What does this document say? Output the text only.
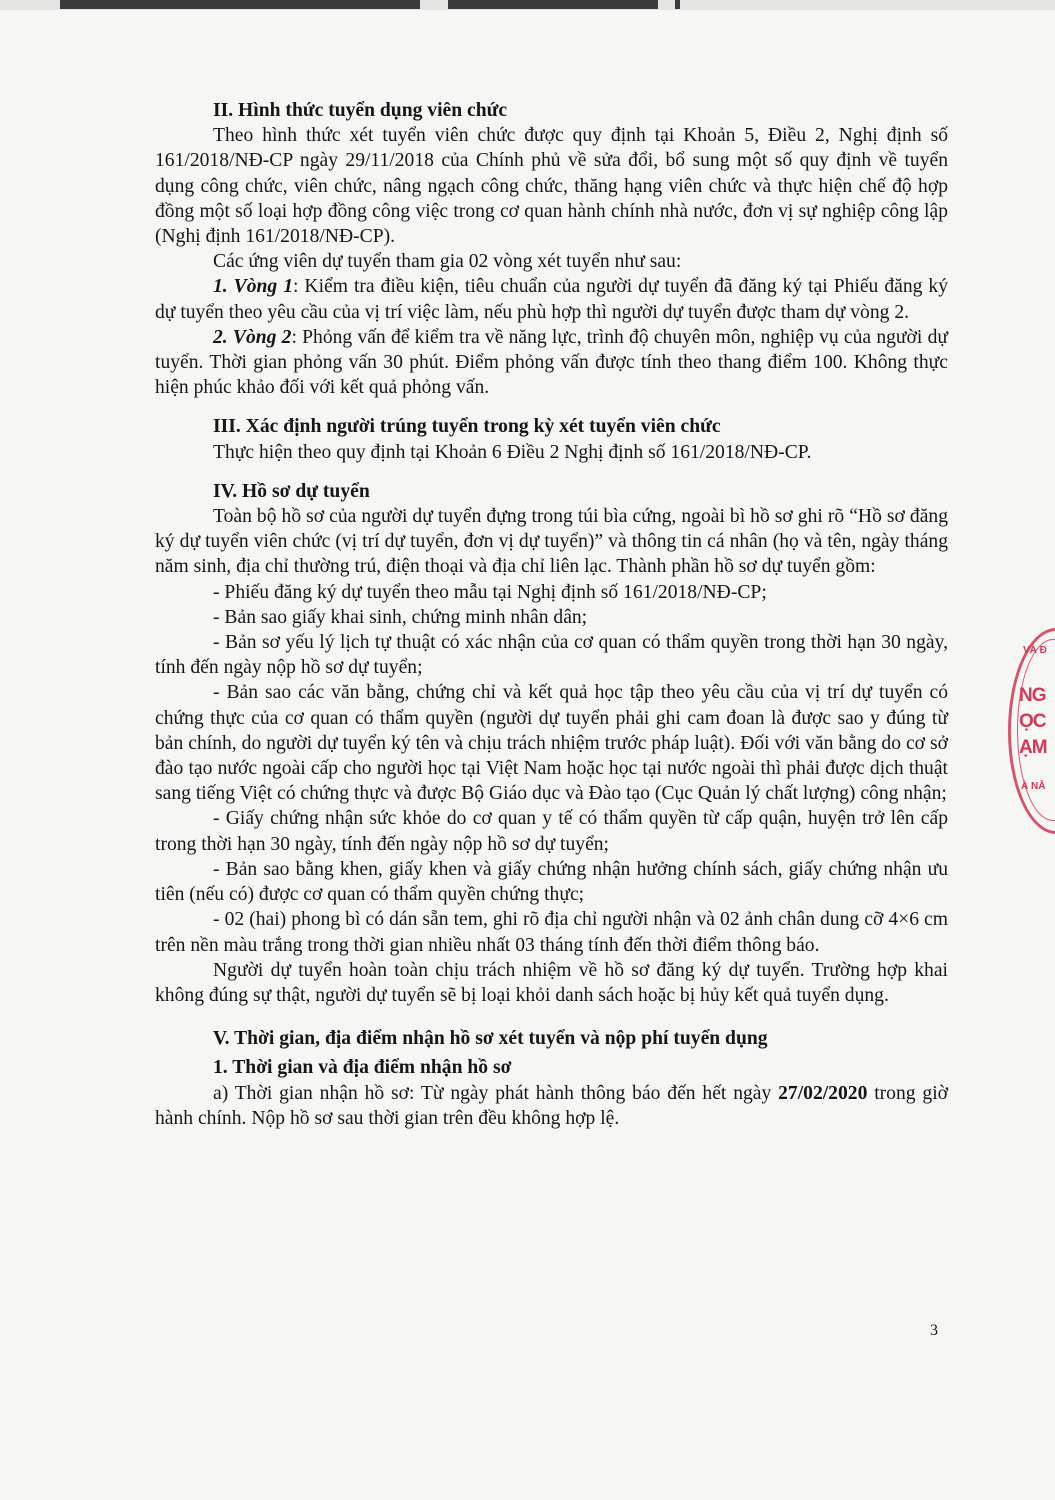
II. Hình thức tuyển dụng viên chức

Theo hình thức xét tuyển viên chức được quy định tại Khoản 5, Điều 2, Nghị định số 161/2018/NĐ-CP ngày 29/11/2018 của Chính phủ về sửa đổi, bổ sung một số quy định về tuyển dụng công chức, viên chức, nâng ngạch công chức, thăng hạng viên chức và thực hiện chế độ hợp đồng một số loại hợp đồng công việc trong cơ quan hành chính nhà nước, đơn vị sự nghiệp công lập (Nghị định 161/2018/NĐ-CP).

Các ứng viên dự tuyển tham gia 02 vòng xét tuyển như sau:

1. Vòng 1: Kiểm tra điều kiện, tiêu chuẩn của người dự tuyển đã đăng ký tại Phiếu đăng ký dự tuyển theo yêu cầu của vị trí việc làm, nếu phù hợp thì người dự tuyển được tham dự vòng 2.

2. Vòng 2: Phỏng vấn để kiểm tra về năng lực, trình độ chuyên môn, nghiệp vụ của người dự tuyển. Thời gian phỏng vấn 30 phút. Điểm phỏng vấn được tính theo thang điểm 100. Không thực hiện phúc khảo đối với kết quả phỏng vấn.

III. Xác định người trúng tuyển trong kỳ xét tuyển viên chức

Thực hiện theo quy định tại Khoản 6 Điều 2 Nghị định số 161/2018/NĐ-CP.

IV. Hồ sơ dự tuyển

Toàn bộ hồ sơ của người dự tuyển đựng trong túi bìa cứng, ngoài bì hồ sơ ghi rõ “Hồ sơ đăng ký dự tuyển viên chức (vị trí dự tuyển, đơn vị dự tuyển)” và thông tin cá nhân (họ và tên, ngày tháng năm sinh, địa chỉ thường trú, điện thoại và địa chỉ liên lạc. Thành phần hồ sơ dự tuyển gồm:

- Phiếu đăng ký dự tuyển theo mẫu tại Nghị định số 161/2018/NĐ-CP;

- Bản sao giấy khai sinh, chứng minh nhân dân;

- Bản sơ yếu lý lịch tự thuật có xác nhận của cơ quan có thẩm quyền trong thời hạn 30 ngày, tính đến ngày nộp hồ sơ dự tuyển;

- Bản sao các văn bằng, chứng chỉ và kết quả học tập theo yêu cầu của vị trí dự tuyển có chứng thực của cơ quan có thẩm quyền (người dự tuyển phải ghi cam đoan là được sao y đúng từ bản chính, do người dự tuyển ký tên và chịu trách nhiệm trước pháp luật). Đối với văn bằng do cơ sở đào tạo nước ngoài cấp cho người học tại Việt Nam hoặc học tại nước ngoài thì phải được dịch thuật sang tiếng Việt có chứng thực và được Bộ Giáo dục và Đào tạo (Cục Quản lý chất lượng) công nhận;

- Giấy chứng nhận sức khỏe do cơ quan y tế có thẩm quyền từ cấp quận, huyện trở lên cấp trong thời hạn 30 ngày, tính đến ngày nộp hồ sơ dự tuyển;

- Bản sao bằng khen, giấy khen và giấy chứng nhận hưởng chính sách, giấy chứng nhận ưu tiên (nếu có) được cơ quan có thẩm quyền chứng thực;

- 02 (hai) phong bì có dán sẵn tem, ghi rõ địa chỉ người nhận và 02 ảnh chân dung cỡ 4×6 cm trên nền màu trắng trong thời gian nhiều nhất 03 tháng tính đến thời điểm thông báo.

Người dự tuyển hoàn toàn chịu trách nhiệm về hồ sơ đăng ký dự tuyển. Trường hợp khai không đúng sự thật, người dự tuyển sẽ bị loại khỏi danh sách hoặc bị hủy kết quả tuyển dụng.

V. Thời gian, địa điểm nhận hồ sơ xét tuyển và nộp phí tuyển dụng
1. Thời gian và địa điểm nhận hồ sơ

a) Thời gian nhận hồ sơ: Từ ngày phát hành thông báo đến hết ngày 27/02/2020 trong giờ hành chính. Nộp hồ sơ sau thời gian trên đều không hợp lệ.

3
VÀ Đ
NG
ỌC
ẠM
À NẴ
